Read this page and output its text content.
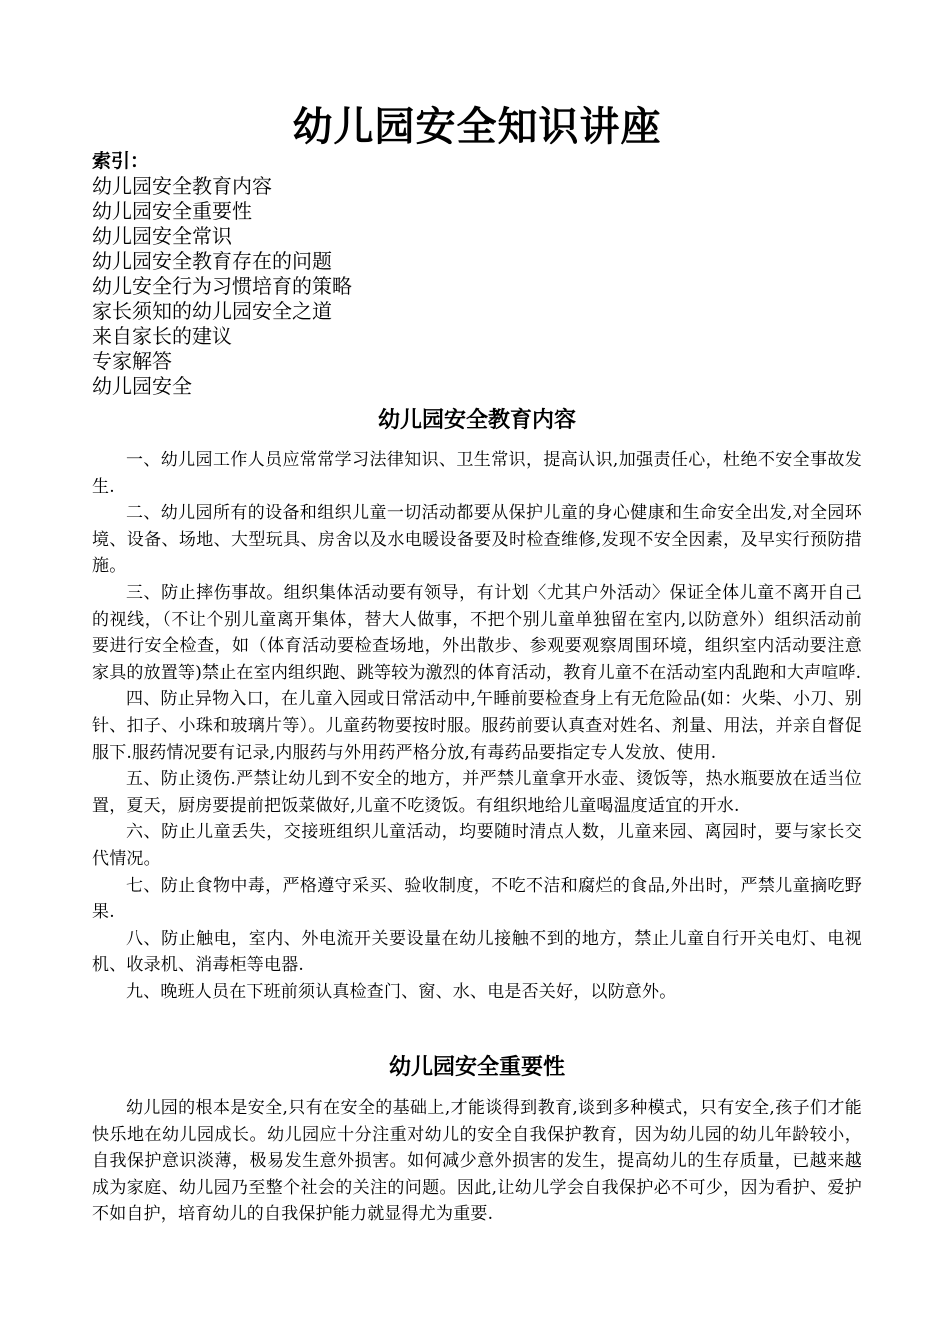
幼儿园安全知识讲座
索引：
幼儿园安全教育内容
幼儿园安全重要性
幼儿园安全常识
幼儿园安全教育存在的问题
幼儿安全行为习惯培育的策略
家长须知的幼儿园安全之道
来自家长的建议
专家解答
幼儿园安全
幼儿园安全教育内容

一、幼儿园工作人员应常常学习法律知识、卫生常识，提高认识,加强责任心，杜绝不安全事故发生.

二、幼儿园所有的设备和组织儿童一切活动都要从保护儿童的身心健康和生命安全出发,对全园环境、设备、场地、大型玩具、房舍以及水电暖设备要及时检查维修,发现不安全因素，及早实行预防措施。

三、防止摔伤事故。组织集体活动要有领导，有计划〈尤其户外活动〉保证全体儿童不离开自己的视线，（不让个别儿童离开集体，替大人做事，不把个别儿童单独留在室内,以防意外）组织活动前要进行安全检查，如（体育活动要检查场地，外出散步、参观要观察周围环境，组织室内活动要注意家具的放置等)禁止在室内组织跑、跳等较为激烈的体育活动，教育儿童不在活动室内乱跑和大声喧哗.

四、防止异物入口，在儿童入园或日常活动中,午睡前要检查身上有无危险品(如：火柴、小刀、别针、扣子、小珠和玻璃片等）。儿童药物要按时服。服药前要认真查对姓名、剂量、用法，并亲自督促服下.服药情况要有记录,内服药与外用药严格分放,有毒药品要指定专人发放、使用.

五、防止烫伤.严禁让幼儿到不安全的地方，并严禁儿童拿开水壶、烫饭等，热水瓶要放在适当位置，夏天，厨房要提前把饭菜做好,儿童不吃烫饭。有组织地给儿童喝温度适宜的开水.

六、防止儿童丢失，交接班组织儿童活动，均要随时清点人数，儿童来园、离园时，要与家长交代情况。

七、防止食物中毒，严格遵守采买、验收制度，不吃不洁和腐烂的食品,外出时，严禁儿童摘吃野果.

八、防止触电，室内、外电流开关要设量在幼儿接触不到的地方，禁止儿童自行开关电灯、电视机、收录机、消毒柜等电器.

九、晚班人员在下班前须认真检查门、窗、水、电是否关好，以防意外。

幼儿园安全重要性

幼儿园的根本是安全,只有在安全的基础上,才能谈得到教育,谈到多种模式，只有安全,孩子们才能快乐地在幼儿园成长。幼儿园应十分注重对幼儿的安全自我保护教育，因为幼儿园的幼儿年龄较小，自我保护意识淡薄，极易发生意外损害。如何减少意外损害的发生，提高幼儿的生存质量，已越来越成为家庭、幼儿园乃至整个社会的关注的问题。因此,让幼儿学会自我保护必不可少，因为看护、爱护不如自护，培育幼儿的自我保护能力就显得尤为重要.
